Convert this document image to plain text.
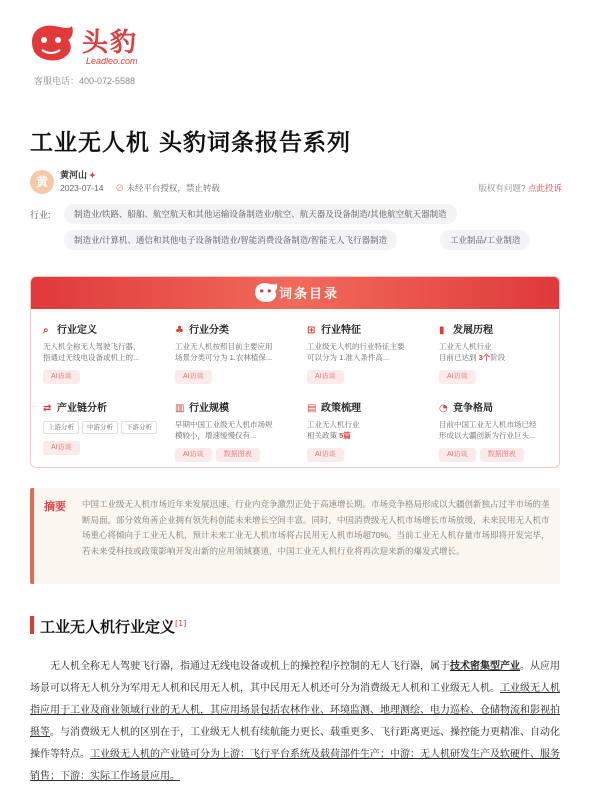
头豹
Leadleo.com
客服电话：400-072-5588
工业无人机 头豹词条报告系列
黄	黄河山 ✦
2023-07-14 ⊘ 未经平台授权，禁止转载	版权有问题? 点此投诉
行业:	制造业/铁路、船舶、航空航天和其他运输设备制造业/航空、航天器及设备制造/其他航空航天器制造
制造业/计算机、通信和其他电子设备制造业/智能消费设备制造/智能无人飞行器制造	工业制品/工业制造
词条目录
⌕ 行业定义
无人机全称无人驾驶飞行器，
指通过无线电设备或机上的...
AI访谈
♣ 行业分类
工业无人机按照目前主要应用
场景分类可分为 1.农林植保...
AI访谈
⊞ 行业特征
工业级无人机的行业特征主要
可以分为 1.准入条件高...
AI访谈
▮ 发展历程
工业无人机行业
目前已达到 3个阶段
AI访谈
⇄ 产业链分析
上游分析 中游分析 下游分析
AI访谈
▥ 行业规模
早期中国工业级无人机市场规
模较小，增速缓慢仅有...
AI访谈	数据图表
▤ 政策梳理
工业无人机行业
相关政策 5篇
AI访谈
◔ 竞争格局
目前中国工业无人机市场已经
形成以大疆创新为行业巨头...
AI访谈	数据图表
摘要 中国工业级无人机市场近年来发展迅速，行业内竞争激烈正处于高速增长期。市场竞争格局形成以大疆创新独占过半市场的垄断局面。部分效角善企业拥有领先科创能未来增长空间丰富。同时，中国消费级无人机市场增长市场放缓，未来民用无人机市场重心将倾向于工业无人机，预计未来工业无人机市场将占民用无人机市场超70%。当前工业无人机存量市场即将开发完毕，若未来受科技或政策影响开发出新的应用领域赛道，中国工业无人机行业将再次迎来新的爆发式增长。
工业无人机行业定义[1]
无人机全称无人驾驶飞行器，指通过无线电设备或机上的操控程序控制的无人飞行器，属于技术密集型产业。从应用场景可以将无人机分为军用无人机和民用无人机，其中民用无人机还可分为消费级无人机和工业级无人机。工业级无人机指应用于工业及商业领域行业的无人机，其应用场景包括农林作业、环境监测、地理测绘、电力巡检、仓储物流和影视拍摄等。与消费级无人机的区别在于，工业级无人机有续航能力更长、载重更多、飞行距离更远、操控能力更精准、自动化操作等特点。工业级无人机的产业链可分为上游：飞行平台系统及载荷部件生产；中游：无人机研发生产及软硬件、服务销售；下游：实际工作场景应用。
